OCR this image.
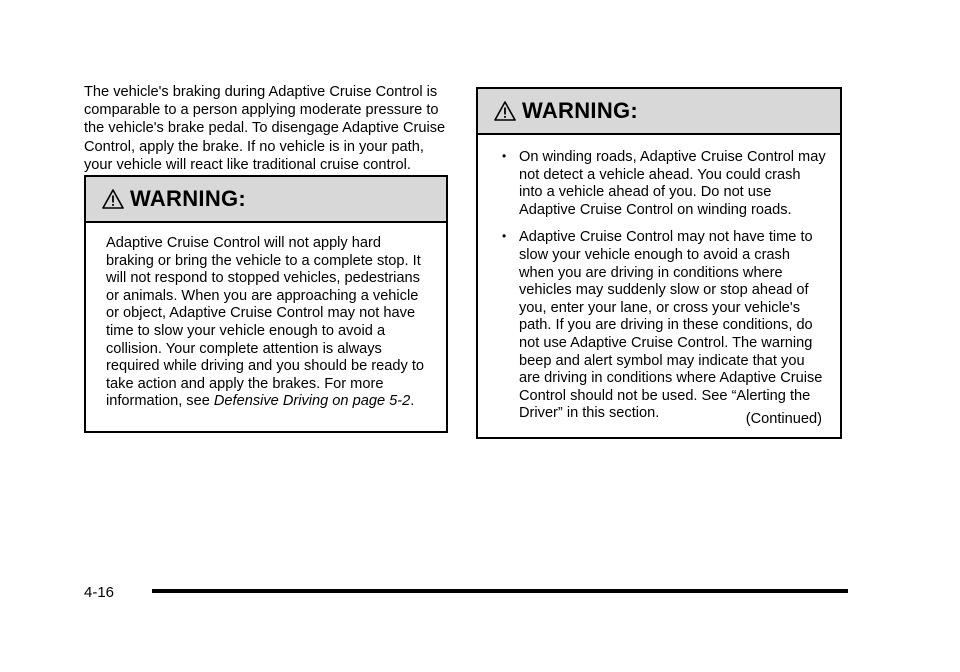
The vehicle's braking during Adaptive Cruise Control is comparable to a person applying moderate pressure to the vehicle's brake pedal. To disengage Adaptive Cruise Control, apply the brake. If no vehicle is in your path, your vehicle will react like traditional cruise control.

WARNING:

Adaptive Cruise Control will not apply hard braking or bring the vehicle to a complete stop. It will not respond to stopped vehicles, pedestrians or animals. When you are approaching a vehicle or object, Adaptive Cruise Control may not have time to slow your vehicle enough to avoid a collision. Your complete attention is always required while driving and you should be ready to take action and apply the brakes. For more information, see Defensive Driving on page 5-2.

WARNING:
• On winding roads, Adaptive Cruise Control may not detect a vehicle ahead. You could crash into a vehicle ahead of you. Do not use Adaptive Cruise Control on winding roads.
• Adaptive Cruise Control may not have time to slow your vehicle enough to avoid a crash when you are driving in conditions where vehicles may suddenly slow or stop ahead of you, enter your lane, or cross your vehicle's path. If you are driving in these conditions, do not use Adaptive Cruise Control. The warning beep and alert symbol may indicate that you are driving in conditions where Adaptive Cruise Control should not be used. See “Alerting the Driver” in this section.	(Continued)
4-16
